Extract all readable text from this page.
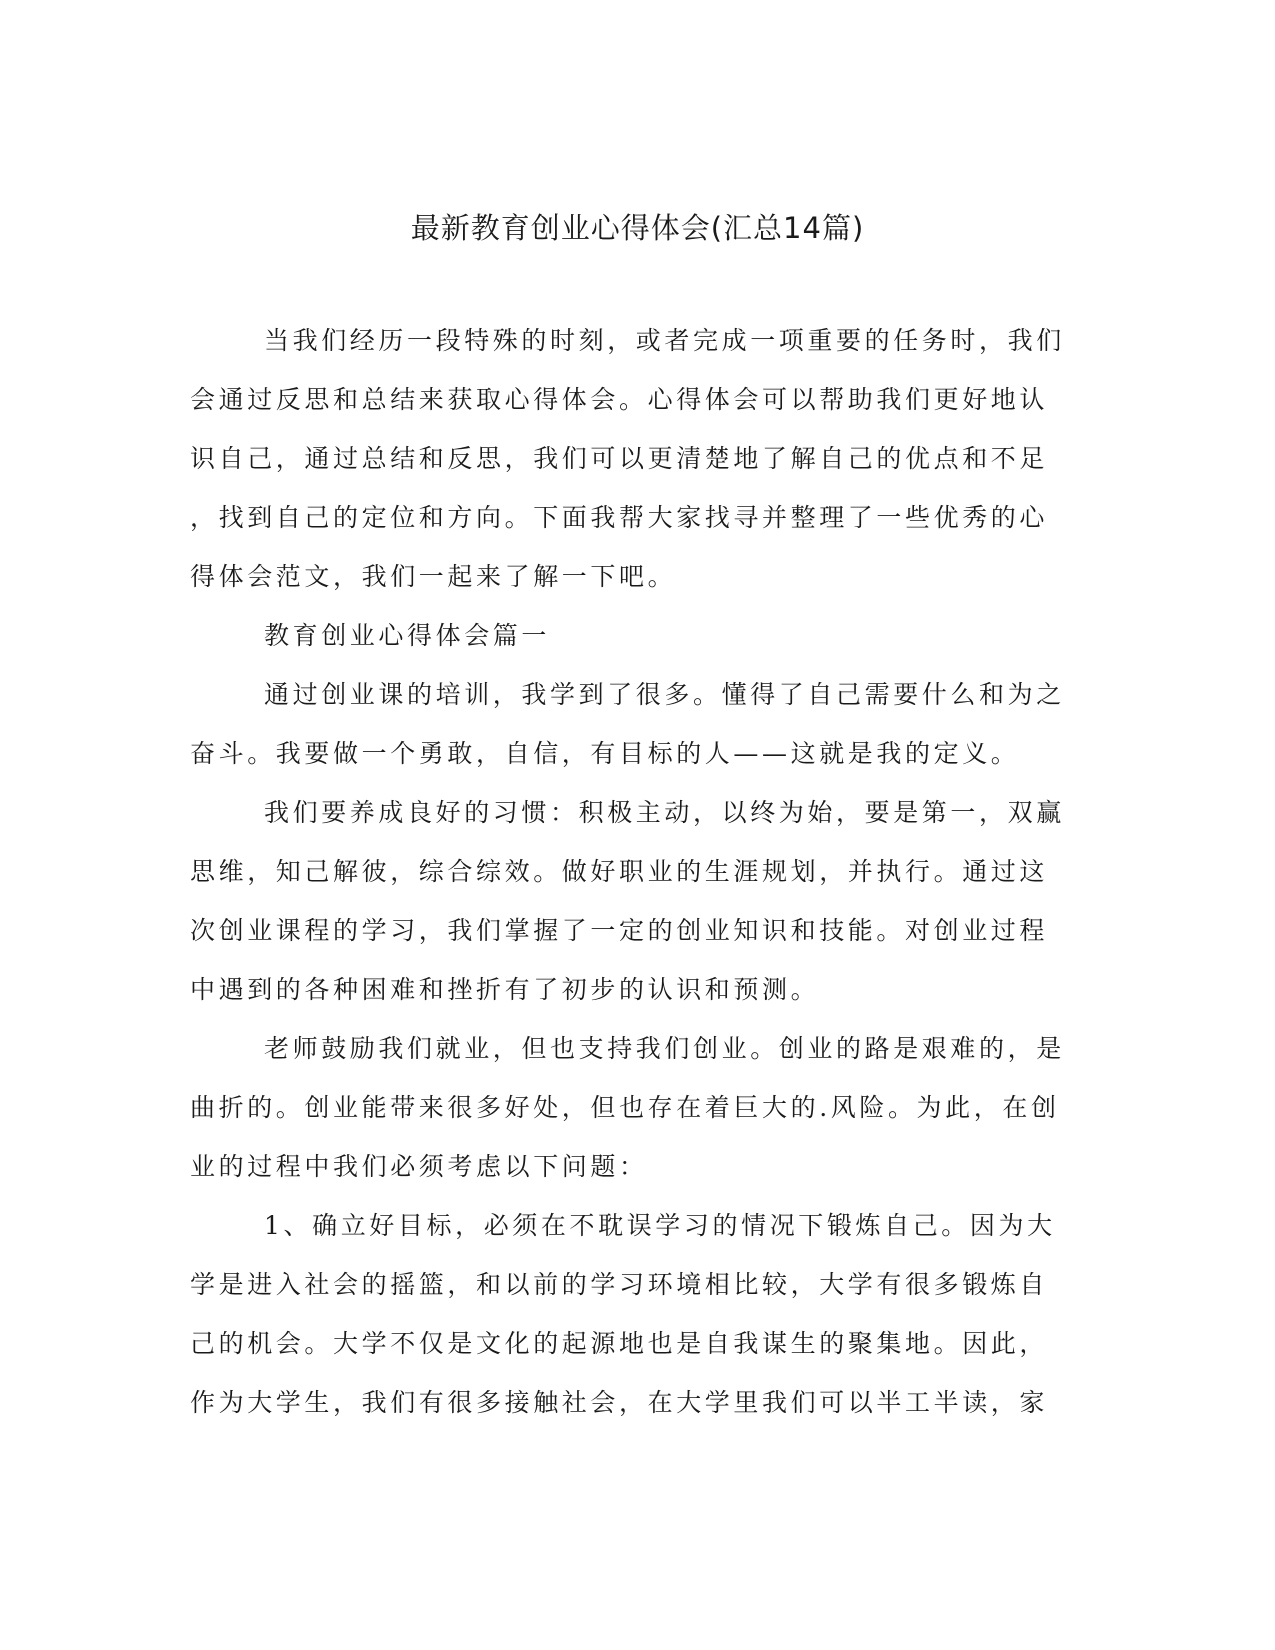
最新教育创业心得体会(汇总14篇)

当我们经历一段特殊的时刻，或者完成一项重要的任务时，我们

会通过反思和总结来获取心得体会。心得体会可以帮助我们更好地认

识自己，通过总结和反思，我们可以更清楚地了解自己的优点和不足

，找到自己的定位和方向。下面我帮大家找寻并整理了一些优秀的心

得体会范文，我们一起来了解一下吧。

教育创业心得体会篇一

通过创业课的培训，我学到了很多。懂得了自己需要什么和为之

奋斗。我要做一个勇敢，自信，有目标的人——这就是我的定义。

我们要养成良好的习惯：积极主动，以终为始，要是第一，双赢

思维，知己解彼，综合综效。做好职业的生涯规划，并执行。通过这

次创业课程的学习，我们掌握了一定的创业知识和技能。对创业过程

中遇到的各种困难和挫折有了初步的认识和预测。

老师鼓励我们就业，但也支持我们创业。创业的路是艰难的，是

曲折的。创业能带来很多好处，但也存在着巨大的.风险。为此，在创

业的过程中我们必须考虑以下问题：

1、确立好目标，必须在不耽误学习的情况下锻炼自己。因为大

学是进入社会的摇篮，和以前的学习环境相比较，大学有很多锻炼自

己的机会。大学不仅是文化的起源地也是自我谋生的聚集地。因此，

作为大学生，我们有很多接触社会，在大学里我们可以半工半读，家
